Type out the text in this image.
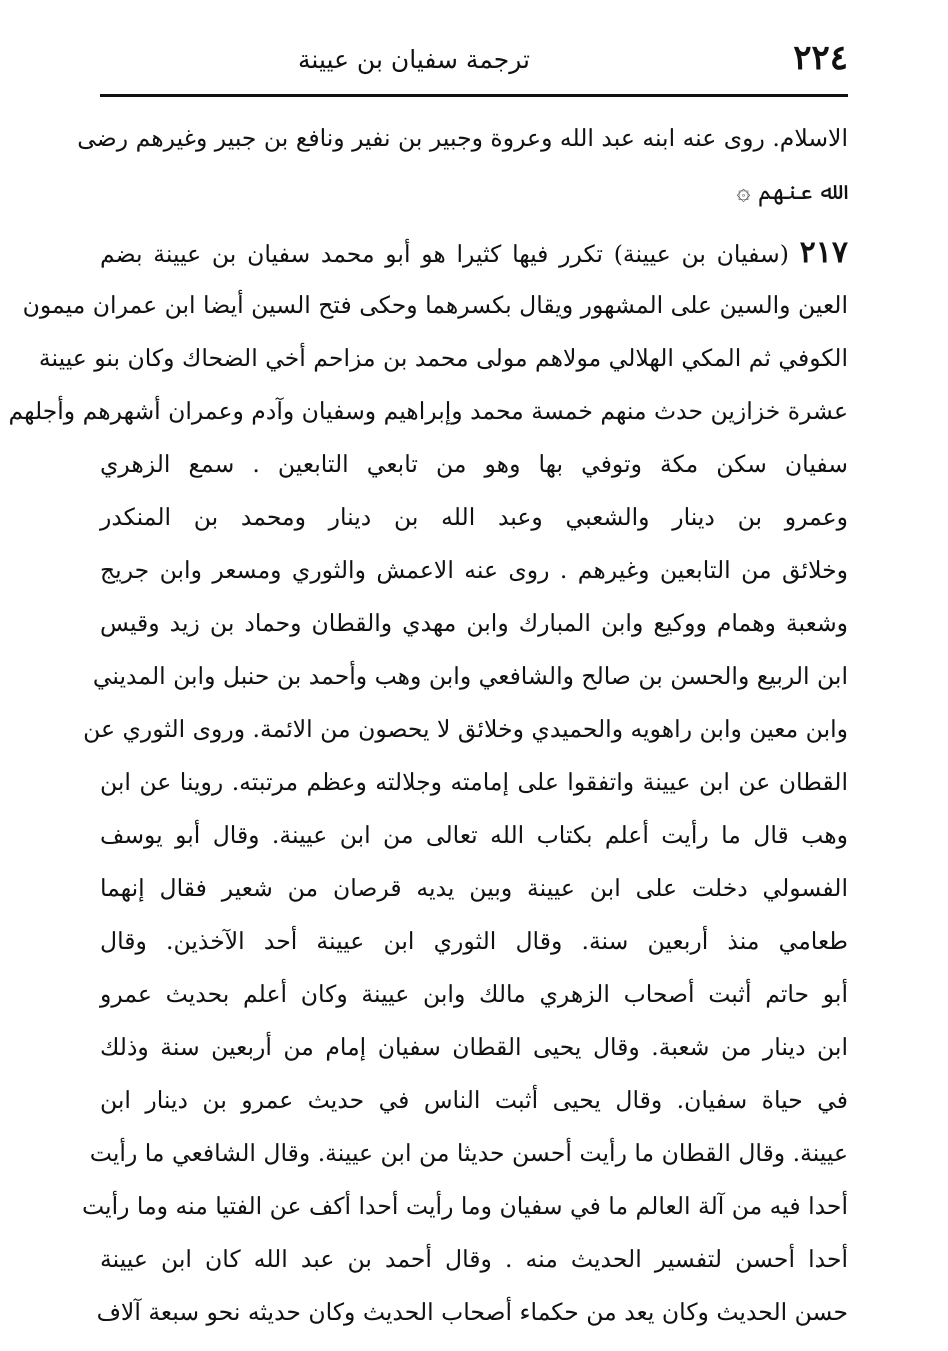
٢٢٤
ترجمة سفيان بن عيينة
الاسلام. روى عنه ابنه عبد الله وعروة وجبير بن نفير ونافع بن جبير وغيرهم رضى
الله عنهم ۞
٢١٧ (سفيان بن عيينة) تكرر فيها كثيرا هو أبو محمد سفيان بن عيينة بضم
العين والسين على المشهور ويقال بكسرهما وحكى فتح السين أيضا ابن عمران ميمون
الكوفي ثم المكي الهلالي مولاهم مولى محمد بن مزاحم أخي الضحاك وكان بنو عيينة
عشرة خزازين حدث منهم خمسة محمد وإبراهيم وسفيان وآدم وعمران أشهرهم وأجلهم
سفيان سكن مكة وتوفي بها وهو من تابعي التابعين . سمع الزهري
وعمرو بن دينار والشعبي وعبد الله بن دينار ومحمد بن المنكدر
وخلائق من التابعين وغيرهم . روى عنه الاعمش والثوري ومسعر وابن جريج
وشعبة وهمام ووكيع وابن المبارك وابن مهدي والقطان وحماد بن زيد وقيس
ابن الربيع والحسن بن صالح والشافعي وابن وهب وأحمد بن حنبل وابن المديني
وابن معين وابن راهويه والحميدي وخلائق لا يحصون من الائمة. وروى الثوري عن
القطان عن ابن عيينة واتفقوا على إمامته وجلالته وعظم مرتبته. روينا عن ابن
وهب قال ما رأيت أعلم بكتاب الله تعالى من ابن عيينة. وقال أبو يوسف
الفسولي دخلت على ابن عيينة وبين يديه قرصان من شعير فقال إنهما
طعامي منذ أربعين سنة. وقال الثوري ابن عيينة أحد الآخذين. وقال
أبو حاتم أثبت أصحاب الزهري مالك وابن عيينة وكان أعلم بحديث عمرو
ابن دينار من شعبة. وقال يحيى القطان سفيان إمام من أربعين سنة وذلك
في حياة سفيان. وقال يحيى أثبت الناس في حديث عمرو بن دينار ابن
عيينة. وقال القطان ما رأيت أحسن حديثا من ابن عيينة. وقال الشافعي ما رأيت
أحدا فيه من آلة العالم ما في سفيان وما رأيت أحدا أكف عن الفتيا منه وما رأيت
أحدا أحسن لتفسير الحديث منه . وقال أحمد بن عبد الله كان ابن عيينة
حسن الحديث وكان يعد من حكماء أصحاب الحديث وكان حديثه نحو سبعة آلاف
